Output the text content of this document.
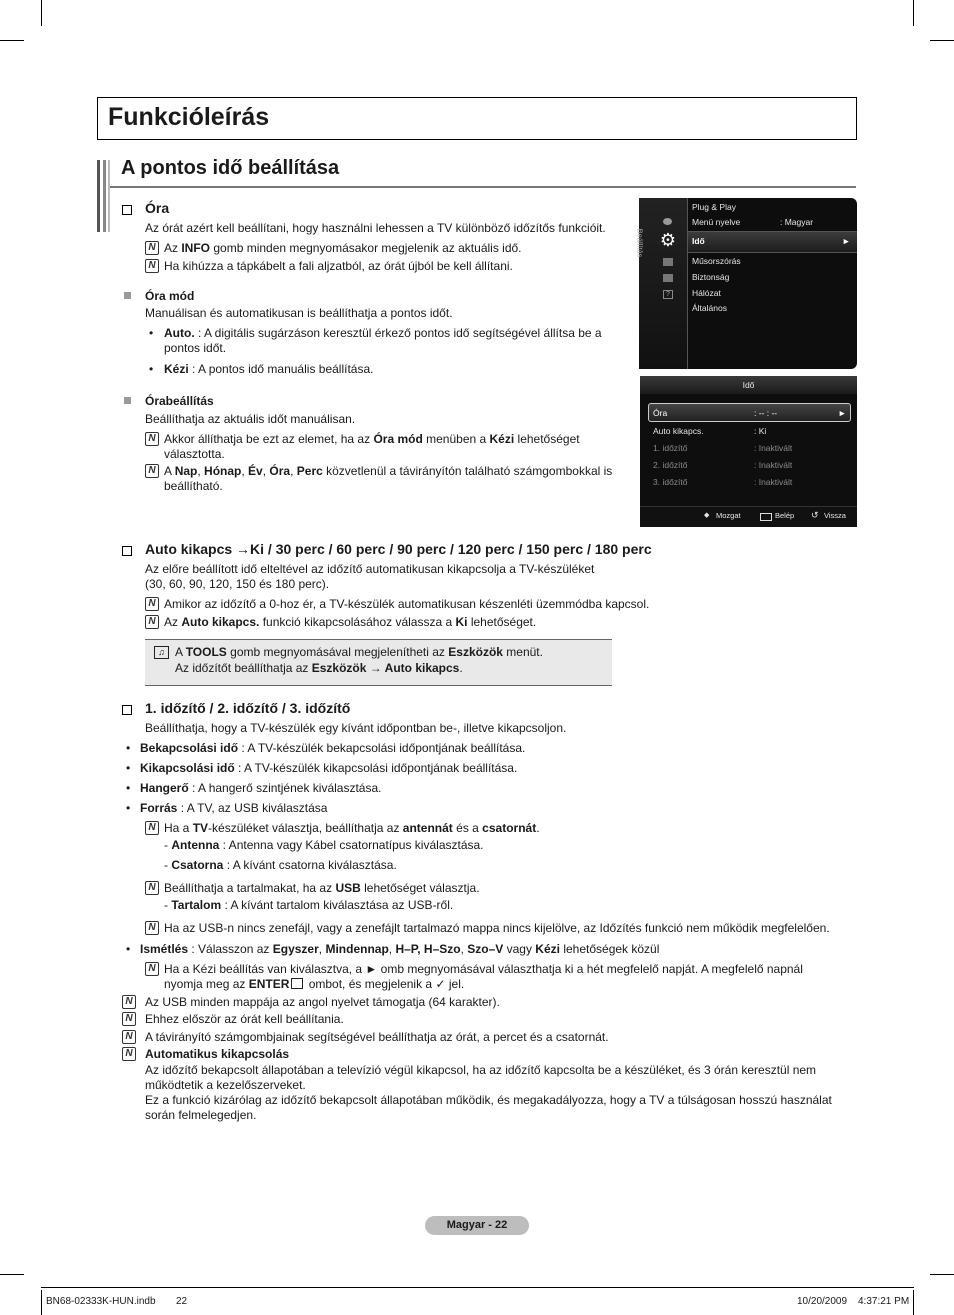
Funkcióleírás
A pontos idő beállítása
Óra
Az órát azért kell beállítani, hogy használni lehessen a TV különböző időzítős funkcióit.
N Az INFO gomb minden megnyomásakor megjelenik az aktuális idő.
N Ha kihúzza a tápkábelt a fali aljzatból, az órát újból be kell állítani.
Óra mód
Manuálisan és automatikusan is beállíthatja a pontos időt.
• Auto. : A digitális sugárzáson keresztül érkező pontos idő segítségével állítsa be a pontos időt.
• Kézi : A pontos idő manuális beállítása.
Órabeállítás
Beállíthatja az aktuális időt manuálisan.
N Akkor állíthatja be ezt az elemet, ha az Óra mód menüben a Kézi lehetőséget választotta.
N A Nap, Hónap, Év, Óra, Perc közvetlenül a távirányítón található számgombokkal is beállítható.
Beállítás ⚙
?
Plug & Play
Menü nyelve	: Magyar
Idő	►
Műsorszórás
Biztonság
Hálózat
Általános
Idő
Óra	: -- : --	►
Auto kikapcs.	: Ki
1. időzítő	: Inaktivált
2. időzítő	: Inaktivált
3. időzítő	: Inaktivált
◆ Mozgat	Belép ↺ Vissza
Auto kikapcs →Ki / 30 perc / 60 perc / 90 perc / 120 perc / 150 perc / 180 perc
Az előre beállított idő elteltével az időzítő automatikusan kikapcsolja a TV-készüléket
(30, 60, 90, 120, 150 és 180 perc).
N Amikor az időzítő a 0-hoz ér, a TV-készülék automatikusan készenléti üzemmódba kapcsol.
N Az Auto kikapcs. funkció kikapcsolásához válassza a Ki lehetőséget.
♫ A TOOLS gomb megnyomásával megjelenítheti az Eszközök menüt.
Az időzítőt beállíthatja az Eszközök → Auto kikapcs.
1. időzítő / 2. időzítő / 3. időzítő
Beállíthatja, hogy a TV-készülék egy kívánt időpontban be-, illetve kikapcsoljon.
• Bekapcsolási idő : A TV-készülék bekapcsolási időpontjának beállítása.
• Kikapcsolási idő : A TV-készülék kikapcsolási időpontjának beállítása.
• Hangerő : A hangerő szintjének kiválasztása.
• Forrás : A TV, az USB kiválasztása
N Ha a TV-készüléket választja, beállíthatja az antennát és a csatornát.
- Antenna : Antenna vagy Kábel csatornatípus kiválasztása.
- Csatorna : A kívánt csatorna kiválasztása.
N Beállíthatja a tartalmakat, ha az USB lehetőséget választja.
- Tartalom : A kívánt tartalom kiválasztása az USB-ről.
N Ha az USB-n nincs zenefájl, vagy a zenefájlt tartalmazó mappa nincs kijelölve, az Időzítés funkció nem működik megfelelően.
• Ismétlés : Válasszon az Egyszer, Mindennap, H–P, H–Szo, Szo–V vagy Kézi lehetőségek közül
N Ha a Kézi beállítás van kiválasztva, a ► omb megnyomásával választhatja ki a hét megfelelő napját. A megfelelő napnál
nyomja meg az ENTER ombot, és megjelenik a ✓ jel.
N Az USB minden mappája az angol nyelvet támogatja (64 karakter).
N Ehhez először az órát kell beállítania.
N A távirányító számgombjainak segítségével beállíthatja az órát, a percet és a csatornát.
N Automatikus kikapcsolás
Az időzítő bekapcsolt állapotában a televízió végül kikapcsol, ha az időzítő kapcsolta be a készüléket, és 3 órán keresztül nem működtetik a kezelőszerveket.
Ez a funkció kizárólag az időzítő bekapcsolt állapotában működik, és megakadályozza, hogy a TV a túlságosan hosszú használat során felmelegedjen.
Magyar - 22
BN68-02333K-HUN.indb 22	10/20/2009 4:37:21 PM
